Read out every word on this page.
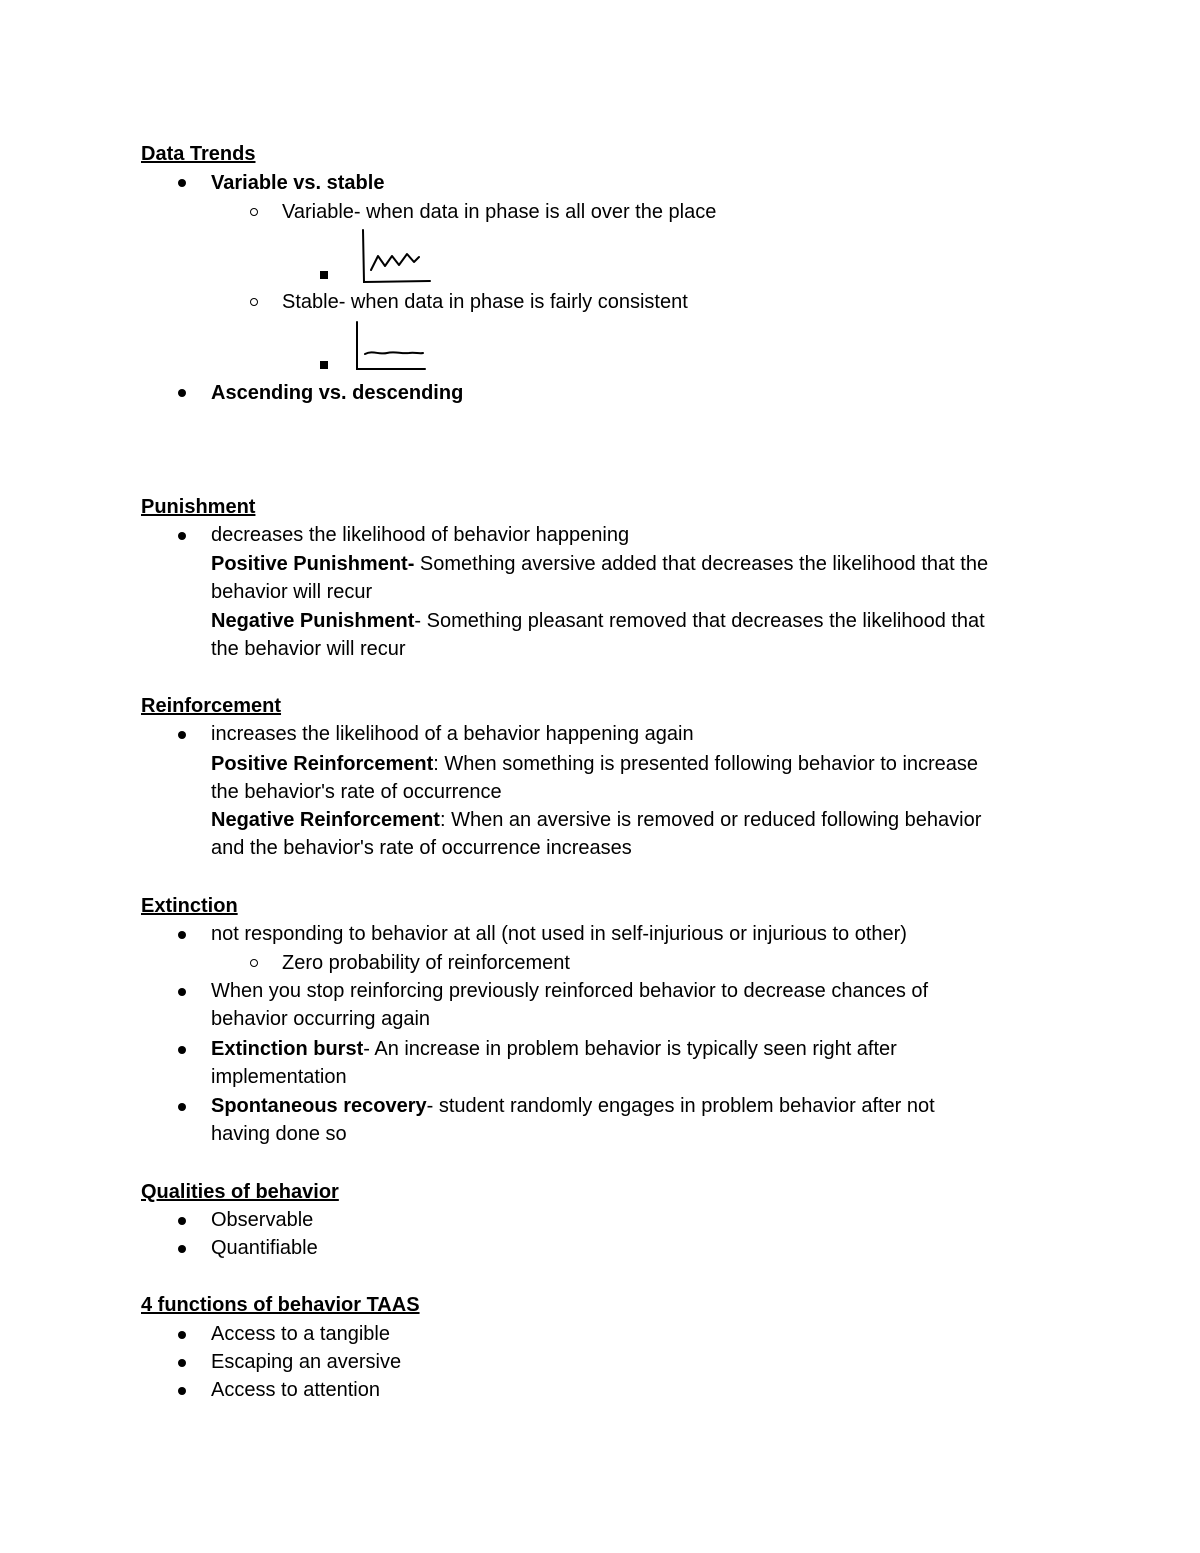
Data Trends
Variable vs. stable
Variable- when data in phase is all over the place
Stable- when data in phase is fairly consistent
Ascending vs. descending
Punishment
decreases the likelihood of behavior happening
Positive Punishment- Something aversive added that decreases the likelihood that the
behavior will recur
Negative Punishment- Something pleasant removed that decreases the likelihood that
the behavior will recur
Reinforcement
increases the likelihood of a behavior happening again
Positive Reinforcement: When something is presented following behavior to increase
the behavior's rate of occurrence
Negative Reinforcement: When an aversive is removed or reduced following behavior
and the behavior's rate of occurrence increases
Extinction
not responding to behavior at all (not used in self-injurious or injurious to other)
Zero probability of reinforcement
When you stop reinforcing previously reinforced behavior to decrease chances of
behavior occurring again
Extinction burst- An increase in problem behavior is typically seen right after
implementation
Spontaneous recovery- student randomly engages in problem behavior after not
having done so
Qualities of behavior
Observable
Quantifiable
4 functions of behavior TAAS
Access to a tangible
Escaping an aversive
Access to attention
